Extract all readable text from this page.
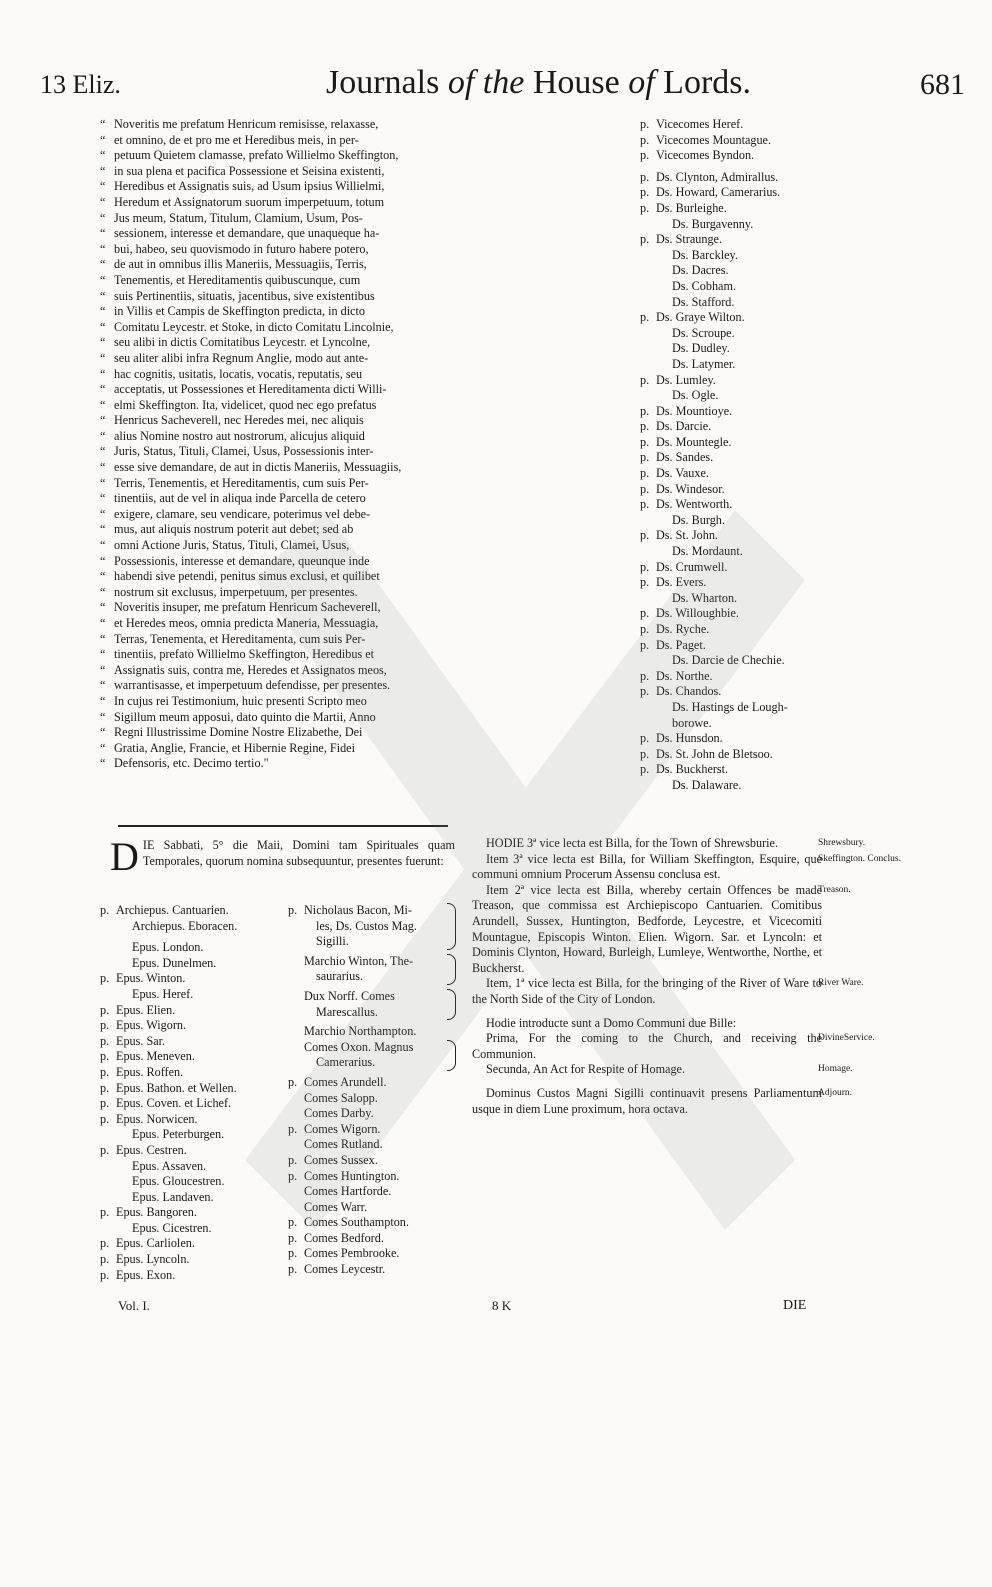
13 Eliz.	Journals of the House of Lords.	681
“ Noveritis me prefatum Henricum remisisse, relaxasse,
“ et omnino, de et pro me et Heredibus meis, in per-
“ petuum Quietem clamasse, prefato Willielmo Skeffington,
“ in sua plena et pacifica Possessione et Seisina existenti,
“ Heredibus et Assignatis suis, ad Usum ipsius Willielmi,
“ Heredum et Assignatorum suorum imperpetuum, totum
“ Jus meum, Statum, Titulum, Clamium, Usum, Pos-
“ sessionem, interesse et demandare, que unaqueque ha-
“ bui, habeo, seu quovismodo in futuro habere potero,
“ de aut in omnibus illis Maneriis, Messuagiis, Terris,
“ Tenementis, et Hereditamentis quibuscunque, cum
“ suis Pertinentiis, situatis, jacentibus, sive existentibus
“ in Villis et Campis de Skeffington predicta, in dicto
“ Comitatu Leycestr. et Stoke, in dicto Comitatu Lincolnie,
“ seu alibi in dictis Comitatibus Leycestr. et Lyncolne,
“ seu aliter alibi infra Regnum Anglie, modo aut ante-
“ hac cognitis, usitatis, locatis, vocatis, reputatis, seu
“ acceptatis, ut Possessiones et Hereditamenta dicti Willi-
“ elmi Skeffington. Ita, videlicet, quod nec ego prefatus
“ Henricus Sacheverell, nec Heredes mei, nec aliquis
“ alius Nomine nostro aut nostrorum, alicujus aliquid
“ Juris, Status, Tituli, Clamei, Usus, Possessionis inter-
“ esse sive demandare, de aut in dictis Maneriis, Messuagiis,
“ Terris, Tenementis, et Hereditamentis, cum suis Per-
“ tinentiis, aut de vel in aliqua inde Parcella de cetero
“ exigere, clamare, seu vendicare, poterimus vel debe-
“ mus, aut aliquis nostrum poterit aut debet; sed ab
“ omni Actione Juris, Status, Tituli, Clamei, Usus,
“ Possessionis, interesse et demandare, queunque inde
“ habendi sive petendi, penitus simus exclusi, et quilibet
“ nostrum sit exclusus, imperpetuum, per presentes.
“ Noveritis insuper, me prefatum Henricum Sacheverell,
“ et Heredes meos, omnia predicta Maneria, Messuagia,
“ Terras, Tenementa, et Hereditamenta, cum suis Per-
“ tinentiis, prefato Willielmo Skeffington, Heredibus et
“ Assignatis suis, contra me, Heredes et Assignatos meos,
“ warrantisasse, et imperpetuum defendisse, per presentes.
“ In cujus rei Testimonium, huic presenti Scripto meo
“ Sigillum meum apposui, dato quinto die Martii, Anno
“ Regni Illustrissime Domine Nostre Elizabethe, Dei
“ Gratia, Anglie, Francie, et Hibernie Regine, Fidei
“ Defensoris, etc. Decimo tertio."
p. Vicecomes Heref.
p. Vicecomes Mountague.
p. Vicecomes Byndon.
p. Ds. Clynton, Admirallus.
p. Ds. Howard, Camerarius.
p. Ds. Burleighe.
Ds. Burgavenny.
p. Ds. Straunge.
Ds. Barckley.
Ds. Dacres.
Ds. Cobham.
Ds. Stafford.
p. Ds. Graye Wilton.
Ds. Scroupe.
Ds. Dudley.
Ds. Latymer.
p. Ds. Lumley.
Ds. Ogle.
p. Ds. Mountioye.
p. Ds. Darcie.
p. Ds. Mountegle.
p. Ds. Sandes.
p. Ds. Vauxe.
p. Ds. Windesor.
p. Ds. Wentworth.
Ds. Burgh.
p. Ds. St. John.
Ds. Mordaunt.
p. Ds. Crumwell.
p. Ds. Evers.
Ds. Wharton.
p. Ds. Willoughbie.
p. Ds. Ryche.
p. Ds. Paget.
Ds. Darcie de Chechie.
p. Ds. Northe.
p. Ds. Chandos.
Ds. Hastings de Lough-
borowe.
p. Ds. Hunsdon.
p. Ds. St. John de Bletsoo.
p. Ds. Buckherst.
Ds. Dalaware.
D IE Sabbati, 5° die Maii, Domini tam Spirituales quam Temporales, quorum nomina subsequuntur, presentes fuerunt:
p. Archiepus. Cantuarien.
Archiepus. Eboracen.
Epus. London.
Epus. Dunelmen.
p. Epus. Winton.
Epus. Heref.
p. Epus. Elien.
p. Epus. Wigorn.
p. Epus. Sar.
p. Epus. Meneven.
p. Epus. Roffen.
p. Epus. Bathon. et Wellen.
p. Epus. Coven. et Lichef.
p. Epus. Norwicen.
Epus. Peterburgen.
p. Epus. Cestren.
Epus. Assaven.
Epus. Gloucestren.
Epus. Landaven.
p. Epus. Bangoren.
Epus. Cicestren.
p. Epus. Carliolen.
p. Epus. Lyncoln.
p. Epus. Exon.
p. Nicholaus Bacon, Mi-
les, Ds. Custos Mag.
Sigilli.
Marchio Winton, The-
saurarius.
Dux Norff. Comes
Marescallus.
Marchio Northampton.
Comes Oxon. Magnus
Camerarius.
p. Comes Arundell.
Comes Salopp.
Comes Darby.
p. Comes Wigorn.
Comes Rutland.
p. Comes Sussex.
p. Comes Huntington.
Comes Hartforde.
Comes Warr.
p. Comes Southampton.
p. Comes Bedford.
p. Comes Pembrooke.
p. Comes Leycestr.

HODIE 3ª vice lecta est Billa, for the Town of Shrewsburie.

Item 3ª vice lecta est Billa, for William Skeffington, Esquire, que communi omnium Procerum Assensu conclusa est.

Item 2ª vice lecta est Billa, whereby certain Offences be made Treason, que commissa est Archiepiscopo Cantuarien. Comitibus Arundell, Sussex, Huntington, Bedforde, Leycestre, et Vicecomiti Mountague, Episcopis Winton. Elien. Wigorn. Sar. et Lyncoln: et Dominis Clynton, Howard, Burleigh, Lumleye, Wentworthe, Northe, et Buckherst.

Item, 1ª vice lecta est Billa, for the bringing of the River of Ware to the North Side of the City of London.

Hodie introducte sunt a Domo Communi due Bille:

Prima, For the coming to the Church, and receiving the Communion.

Secunda, An Act for Respite of Homage.

Dominus Custos Magni Sigilli continuavit presens Parliamentum usque in diem Lune proximum, hora octava.

Shrewsbury.
Skeffington. Conclus.
Treason.
River Ware.
DivineService.
Homage.
Adjourn.
Vol. I.	8 K	DIE
